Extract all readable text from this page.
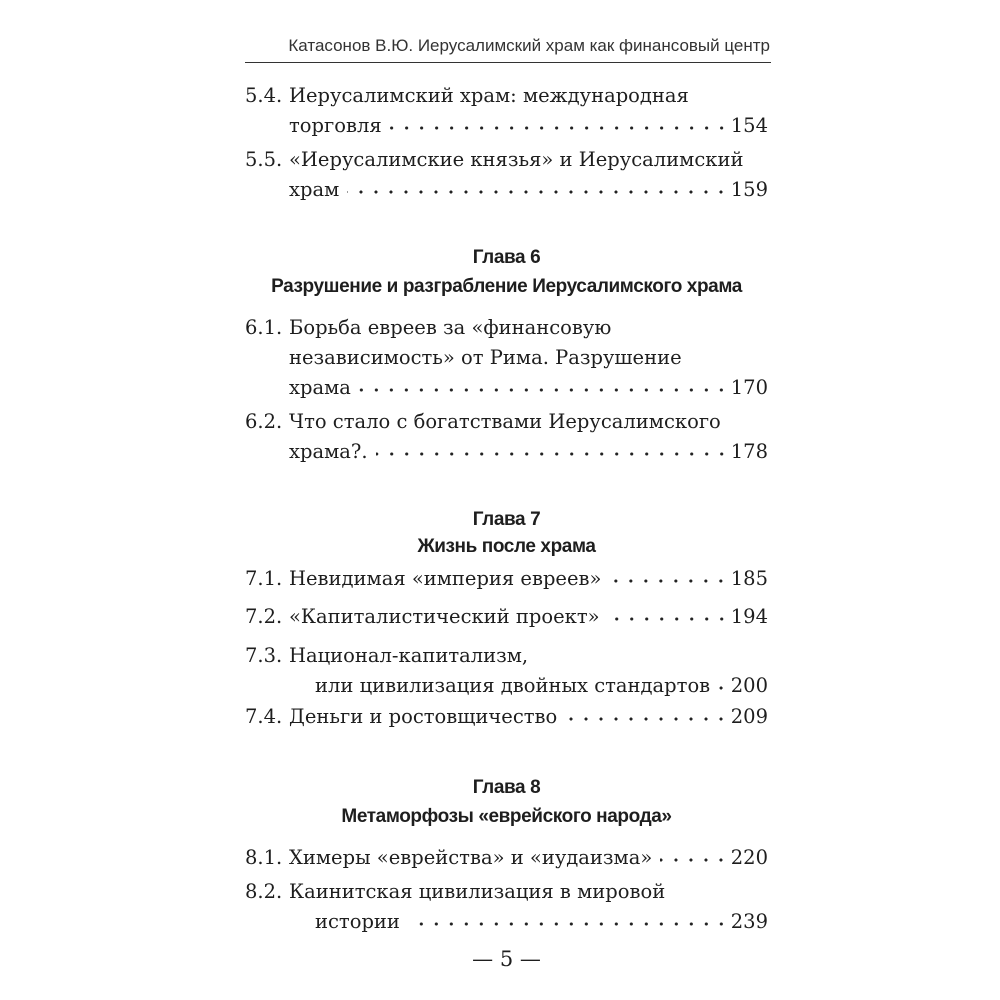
Катасонов В.Ю. Иерусалимский храм как финансовый центр
5.4. Иерусалимский храм: международная
торговля	154
5.5. «Иерусалимские князья» и Иерусалимский
храм	159
Глава 6
Разрушение и разграбление Иерусалимского храма
6.1. Борьба евреев за «финансовую
независимость» от Рима. Разрушение
храма	170
6.2. Что стало с богатствами Иерусалимского
храма?.	178
Глава 7
Жизнь после храма
7.1. Невидимая «империя евреев»	185
7.2. «Капиталистический проект»	194
7.3. Национал-капитализм,
или цивилизация двойных стандартов 200
7.4. Деньги и ростовщичество	209
Глава 8
Метаморфозы «еврейского народа»
8.1. Химеры «еврейства» и «иудаизма»	220
8.2. Каинитская цивилизация в мировой
истории	239
— 5 —
